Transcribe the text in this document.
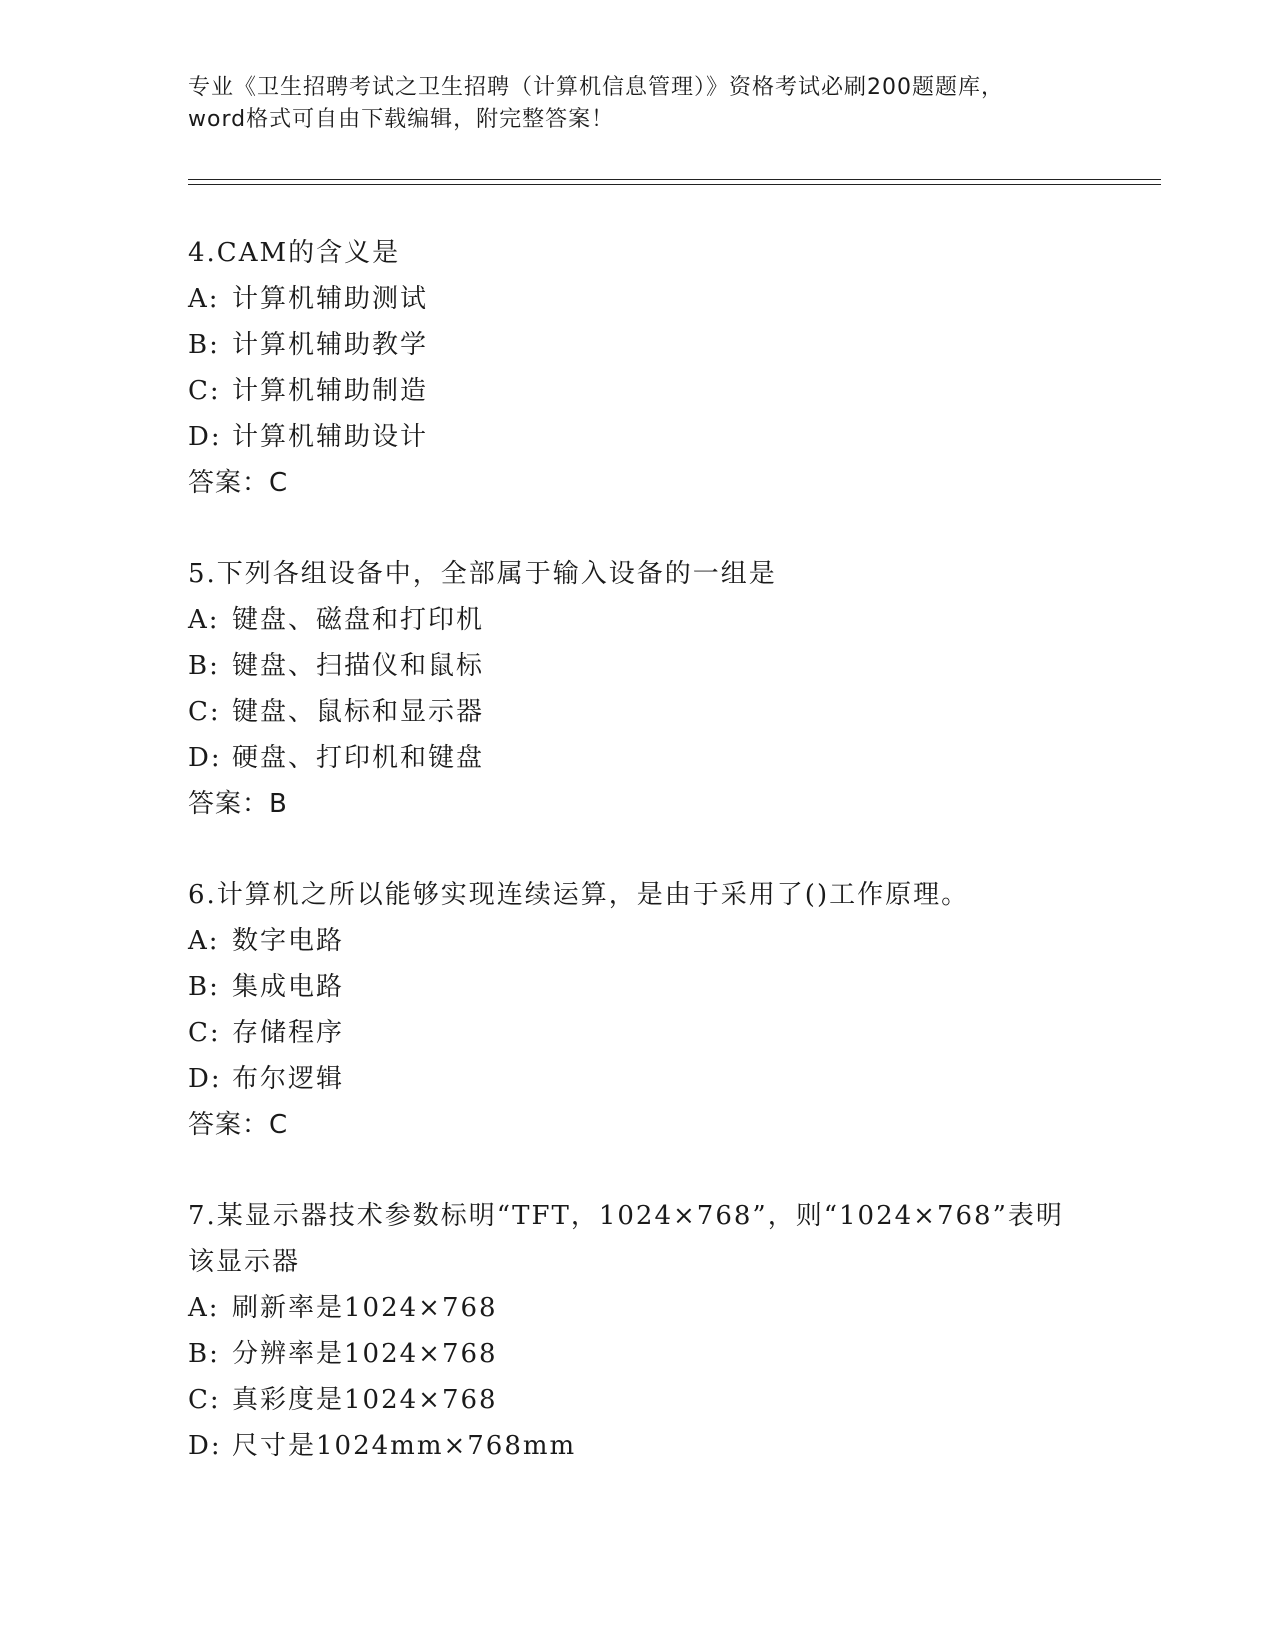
专业《卫生招聘考试之卫生招聘（计算机信息管理）》资格考试必刷200题题库，
word格式可自由下载编辑，附完整答案！
4.CAM的含义是
A: 计算机辅助测试
B: 计算机辅助教学
C: 计算机辅助制造
D: 计算机辅助设计
答案：C
5.下列各组设备中，全部属于输入设备的一组是
A: 键盘、磁盘和打印机
B: 键盘、扫描仪和鼠标
C: 键盘、鼠标和显示器
D: 硬盘、打印机和键盘
答案：B
6.计算机之所以能够实现连续运算，是由于采用了()工作原理。
A: 数字电路
B: 集成电路
C: 存储程序
D: 布尔逻辑
答案：C
7.某显示器技术参数标明“TFT，1024×768”，则“1024×768”表明该显示器
A: 刷新率是1024×768
B: 分辨率是1024×768
C: 真彩度是1024×768
D: 尺寸是1024mm×768mm
